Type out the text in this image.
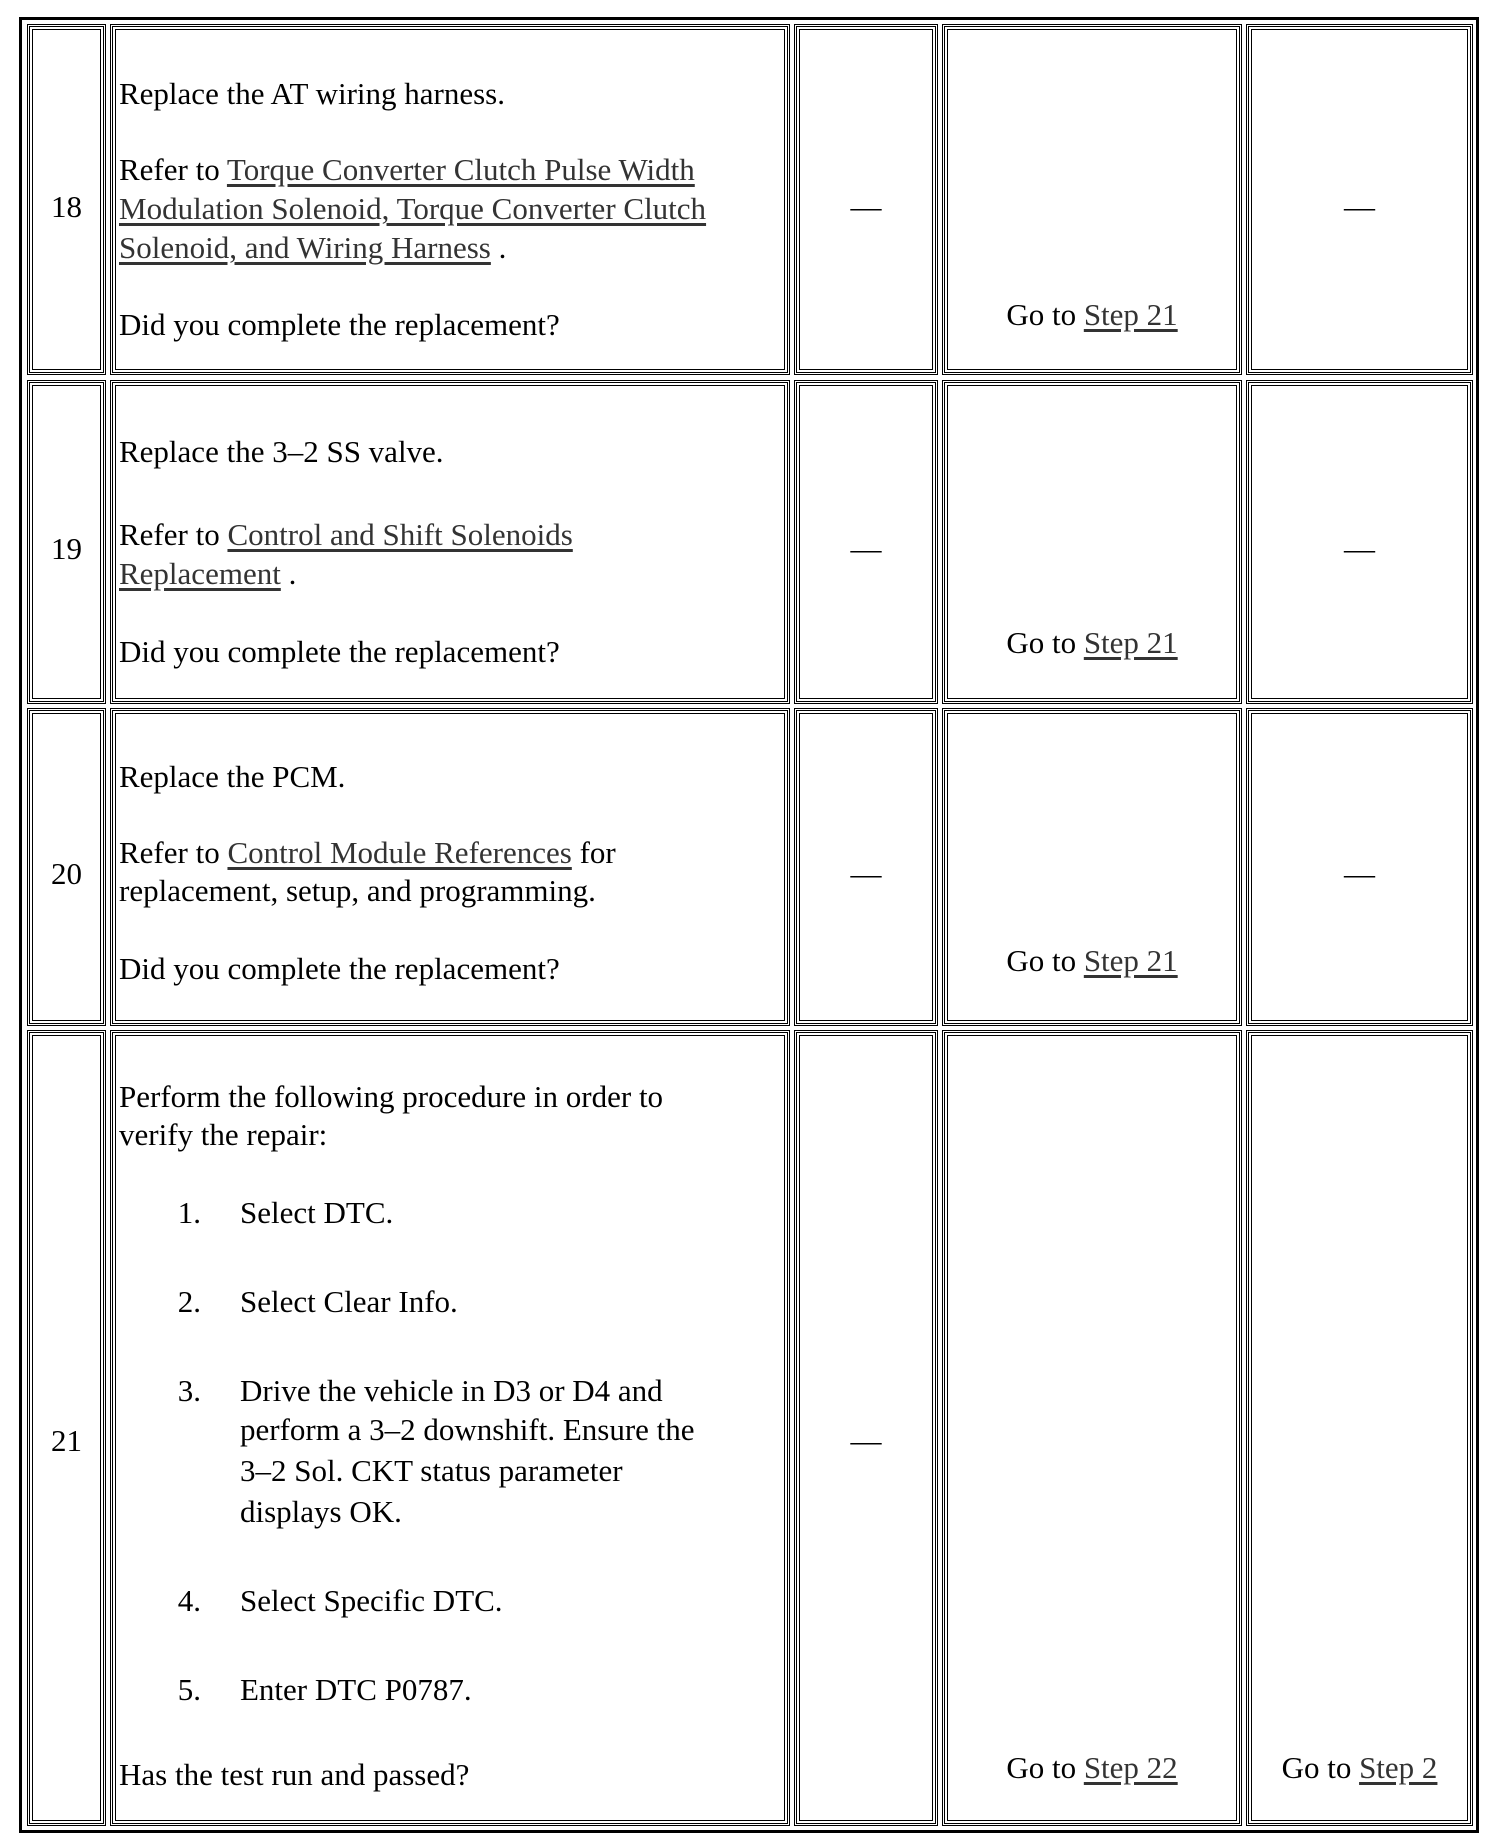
18
Replace the AT wiring harness.
Refer to Torque Converter Clutch Pulse Width
Modulation Solenoid, Torque Converter Clutch
Solenoid, and Wiring Harness .
Did you complete the replacement?
—
Go to Step 21
—
19
Replace the 3–2 SS valve.
Refer to Control and Shift Solenoids
Replacement .
Did you complete the replacement?
—
Go to Step 21
—
20
Replace the PCM.
Refer to Control Module References for
replacement, setup, and programming.
Did you complete the replacement?
—
Go to Step 21
—
21
Perform the following procedure in order to
verify the repair:
1. Select DTC.
2. Select Clear Info.
3. Drive the vehicle in D3 or D4 and
perform a 3–2 downshift. Ensure the
3–2 Sol. CKT status parameter
displays OK.
4. Select Specific DTC.
5. Enter DTC P0787.
Has the test run and passed?
—
Go to Step 22	Go to Step 2
